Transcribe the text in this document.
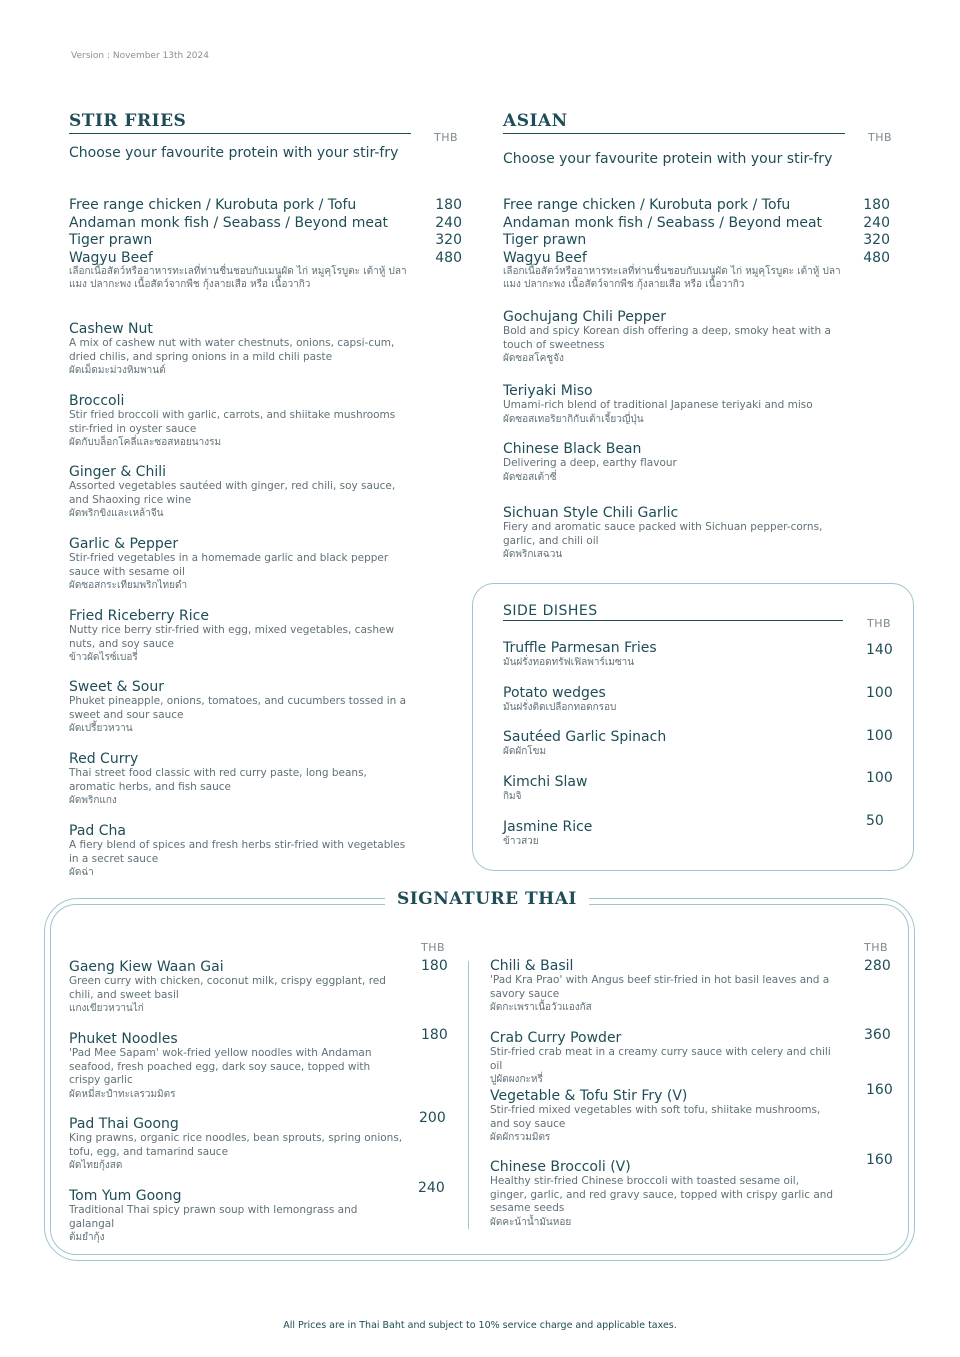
Version : November 13th 2024
STIR FRIES
THB
Choose your favourite protein with your stir-fry
Free range chicken / Kurobuta pork / Tofu
Andaman monk fish / Seabass / Beyond meat
Tiger prawn
Wagyu Beef
180
240
320
480
เลือกเนื้อสัตว์หรืออาหารทะเลที่ท่านชื่นชอบกับเมนูผัด ไก่ หมูคุโรบูตะ เต้าหู้ ปลาแมง ปลากะพง เนื้อสัตว์จากพืช กุ้งลายเสือ หรือ เนื้อวากิว
Cashew Nut
A mix of cashew nut with water chestnuts, onions, capsi-cum, dried chilis, and spring onions in a mild chili paste
ผัดเม็ดมะม่วงหิมพานต์
Broccoli
Stir fried broccoli with garlic, carrots, and shiitake mushrooms stir-fried in oyster sauce
ผัดกับบล็อกโคลี่และซอสหอยนางรม
Ginger & Chili
Assorted vegetables sautéed with ginger, red chili, soy sauce, and Shaoxing rice wine
ผัดพริกขิงและเหล้าจีน
Garlic & Pepper
Stir-fried vegetables in a homemade garlic and black pepper sauce with sesame oil
ผัดซอสกระเทียมพริกไทยดำ
Fried Riceberry Rice
Nutty rice berry stir-fried with egg, mixed vegetables, cashew nuts, and soy sauce
ข้าวผัดไรซ์เบอรี่
Sweet & Sour
Phuket pineapple, onions, tomatoes, and cucumbers tossed in a sweet and sour sauce
ผัดเปรี้ยวหวาน
Red Curry
Thai street food classic with red curry paste, long beans, aromatic herbs, and fish sauce
ผัดพริกแกง
Pad Cha
A fiery blend of spices and fresh herbs stir-fried with vegetables in a secret sauce
ผัดฉ่า
ASIAN
THB
Choose your favourite protein with your stir-fry
Free range chicken / Kurobuta pork / Tofu
Andaman monk fish / Seabass / Beyond meat
Tiger prawn
Wagyu Beef
180
240
320
480
เลือกเนื้อสัตว์หรืออาหารทะเลที่ท่านชื่นชอบกับเมนูผัด ไก่ หมูคุโรบูตะ เต้าหู้ ปลาแมง ปลากะพง เนื้อสัตว์จากพืช กุ้งลายเสือ หรือ เนื้อวากิว
Gochujang Chili Pepper
Bold and spicy Korean dish offering a deep, smoky heat with a touch of sweetness
ผัดซอสโคชูจัง
Teriyaki Miso
Umami-rich blend of traditional Japanese teriyaki and miso
ผัดซอสเทอริยากิกับเต้าเจี้ยวญี่ปุ่น
Chinese Black Bean
Delivering a deep, earthy flavour
ผัดซอสเต้าซี่
Sichuan Style Chili Garlic
Fiery and aromatic sauce packed with Sichuan pepper-corns, garlic, and chili oil
ผัดพริกเสฉวน
SIDE DISHES
THB
Truffle Parmesan Fries
มันฝรั่งทอดทรัฟเฟิลพาร์เมซาน
140
Potato wedges
มันฝรั่งติดเปลือกทอดกรอบ
100
Sautéed Garlic Spinach
ผัดผักโขม
100
Kimchi Slaw
กิมจิ
100
Jasmine Rice
ข้าวสวย
50
SIGNATURE THAI
THB	THB
Gaeng Kiew Waan Gai
Green curry with chicken, coconut milk, crispy eggplant, red chili, and sweet basil
แกงเขียวหวานไก่
180
Phuket Noodles
'Pad Mee Sapam' wok-fried yellow noodles with Andaman seafood, fresh poached egg, dark soy sauce, topped with crispy garlic
ผัดหมี่สะปำทะเลรวมมิตร
180
Pad Thai Goong
King prawns, organic rice noodles, bean sprouts, spring onions, tofu, egg, and tamarind sauce
ผัดไทยกุ้งสด
200
Tom Yum Goong
Traditional Thai spicy prawn soup with lemongrass and galangal
ต้มยำกุ้ง
240
Chili & Basil
'Pad Kra Prao' with Angus beef stir-fried in hot basil leaves and a savory sauce
ผัดกะเพราเนื้อวัวแองกัส
280
Crab Curry Powder
Stir-fried crab meat in a creamy curry sauce with celery and chili oil
ปูผัดผงกะหรี่
360
Vegetable & Tofu Stir Fry (V)
Stir-fried mixed vegetables with soft tofu, shiitake mushrooms, and soy sauce
ผัดผักรวมมิตร
160
Chinese Broccoli (V)
Healthy stir-fried Chinese broccoli with toasted sesame oil, ginger, garlic, and red gravy sauce, topped with crispy garlic and sesame seeds
ผัดคะน้าน้ำมันหอย
160
All Prices are in Thai Baht and subject to 10% service charge and applicable taxes.
